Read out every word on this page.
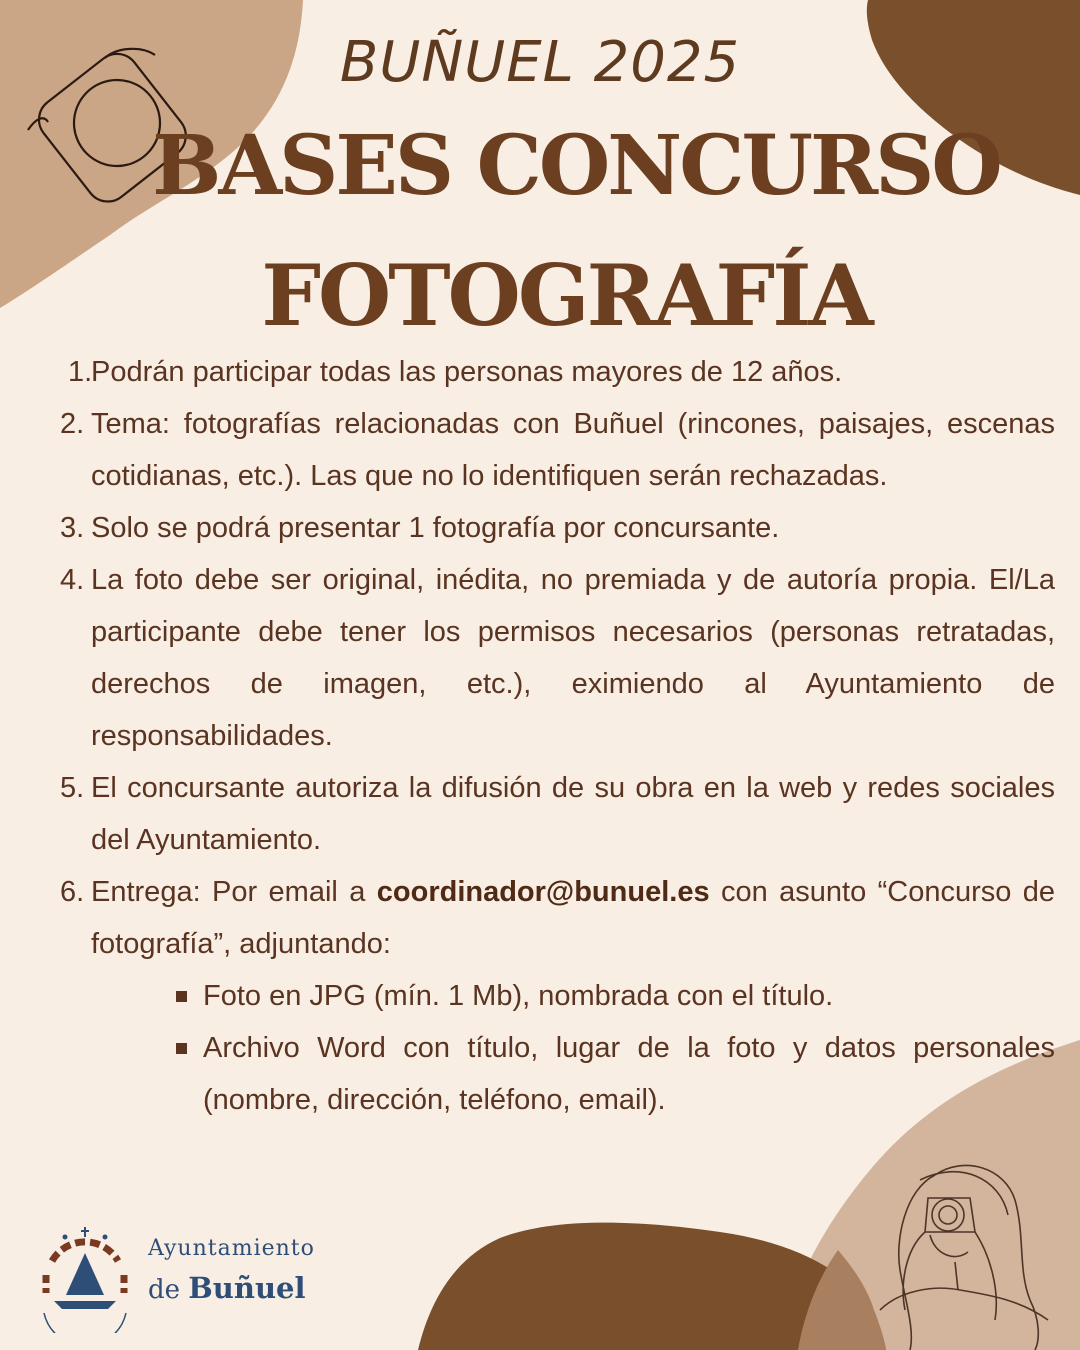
BUÑUEL 2025
BASES CONCURSO
FOTOGRAFÍA
1.
Podrán participar todas las personas mayores de 12 años.
2. Tema: fotografías relacionadas con Buñuel (rincones, paisajes, escenas cotidianas, etc.). Las que no lo identifiquen serán rechazadas.
3. Solo se podrá presentar 1 fotografía por concursante.
4. La foto debe ser original, inédita, no premiada y de autoría propia. El/La participante debe tener los permisos necesarios (personas retratadas, derechos de imagen, etc.), eximiendo al Ayuntamiento de responsabilidades.
5. El concursante autoriza la difusión de su obra en la web y redes sociales del Ayuntamiento.
6. Entrega: Por email a coordinador@bunuel.es con asunto “Concurso de fotografía”, adjuntando:
Foto en JPG (mín. 1 Mb), nombrada con el título.
Archivo Word con título, lugar de la foto y datos personales (nombre, dirección, teléfono, email).
Ayuntamiento
de Buñuel
